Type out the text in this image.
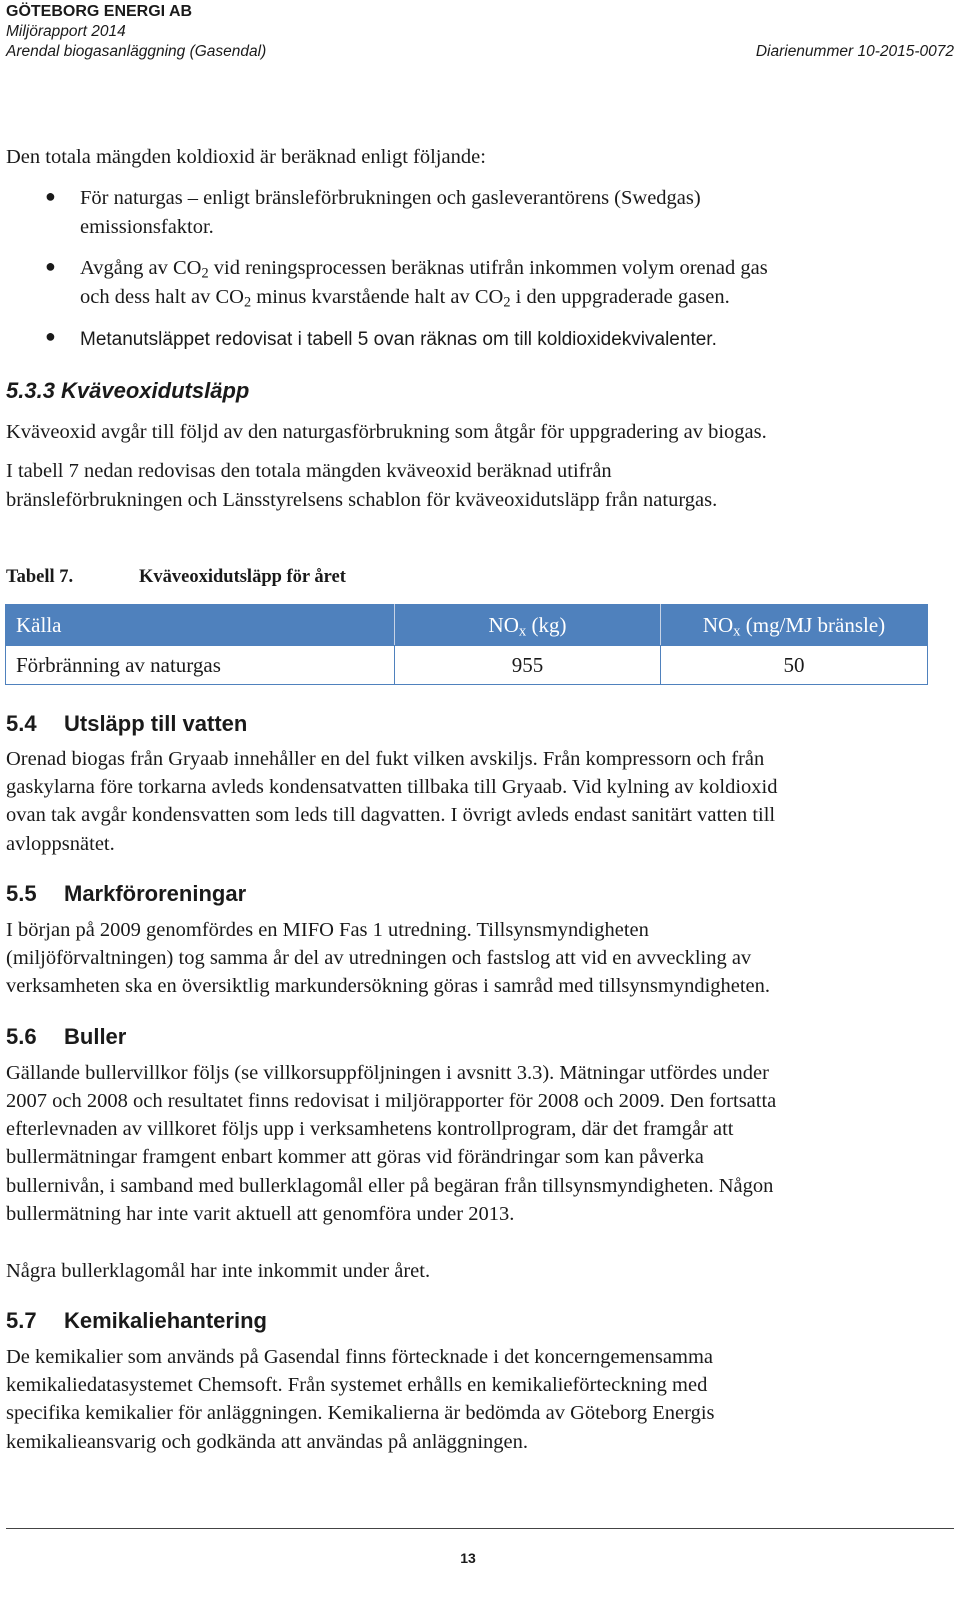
GÖTEBORG ENERGI AB
Miljörapport 2014
Arendal biogasanläggning (Gasendal)	Diarienummer 10-2015-0072

Den totala mängden koldioxid är beräknad enligt följande:

● För naturgas – enligt bränsleförbrukningen och gasleverantörens (Swedgas)

emissionsfaktor.

● Avgång av $CO_2$ vid reningsprocessen beräknas utifrån inkommen volym orenad gas

och dess halt av $CO_2$ minus kvarstående halt av $CO_2$ i den uppgraderade gasen.

● Metanutsläppet redovisat i tabell 5 ovan räknas om till koldioxidekvivalenter.

5.3.3 Kväveoxidutsläpp

Kväveoxid avgår till följd av den naturgasförbrukning som åtgår för uppgradering av biogas.

I tabell 7 nedan redovisas den totala mängden kväveoxid beräknad utifrån

bränsleförbrukningen och Länsstyrelsens schablon för kväveoxidutsläpp från naturgas.

Tabell 7.	Kväveoxidutsläpp för året
Källa	$NO_x$ (kg)	$NO_x$ (mg/MJ bränsle)
Förbränning av naturgas	955	50
5.4 Utsläpp till vatten

Orenad biogas från Gryaab innehåller en del fukt vilken avskiljs. Från kompressorn och från

gaskylarna före torkarna avleds kondensatvatten tillbaka till Gryaab. Vid kylning av koldioxid

ovan tak avgår kondensvatten som leds till dagvatten. I övrigt avleds endast sanitärt vatten till

avloppsnätet.

5.5 Markföroreningar

I början på 2009 genomfördes en MIFO Fas 1 utredning. Tillsynsmyndigheten

(miljöförvaltningen) tog samma år del av utredningen och fastslog att vid en avveckling av

verksamheten ska en översiktlig markundersökning göras i samråd med tillsynsmyndigheten.

5.6 Buller

Gällande bullervillkor följs (se villkorsuppföljningen i avsnitt 3.3). Mätningar utfördes under

2007 och 2008 och resultatet finns redovisat i miljörapporter för 2008 och 2009. Den fortsatta

efterlevnaden av villkoret följs upp i verksamhetens kontrollprogram, där det framgår att

bullermätningar framgent enbart kommer att göras vid förändringar som kan påverka

bullernivån, i samband med bullerklagomål eller på begäran från tillsynsmyndigheten. Någon

bullermätning har inte varit aktuell att genomföra under 2013.

Några bullerklagomål har inte inkommit under året.

5.7 Kemikaliehantering

De kemikalier som används på Gasendal finns förtecknade i det koncerngemensamma

kemikaliedatasystemet Chemsoft. Från systemet erhålls en kemikalieförteckning med

specifika kemikalier för anläggningen. Kemikalierna är bedömda av Göteborg Energis

kemikalieansvarig och godkända att användas på anläggningen.

13
